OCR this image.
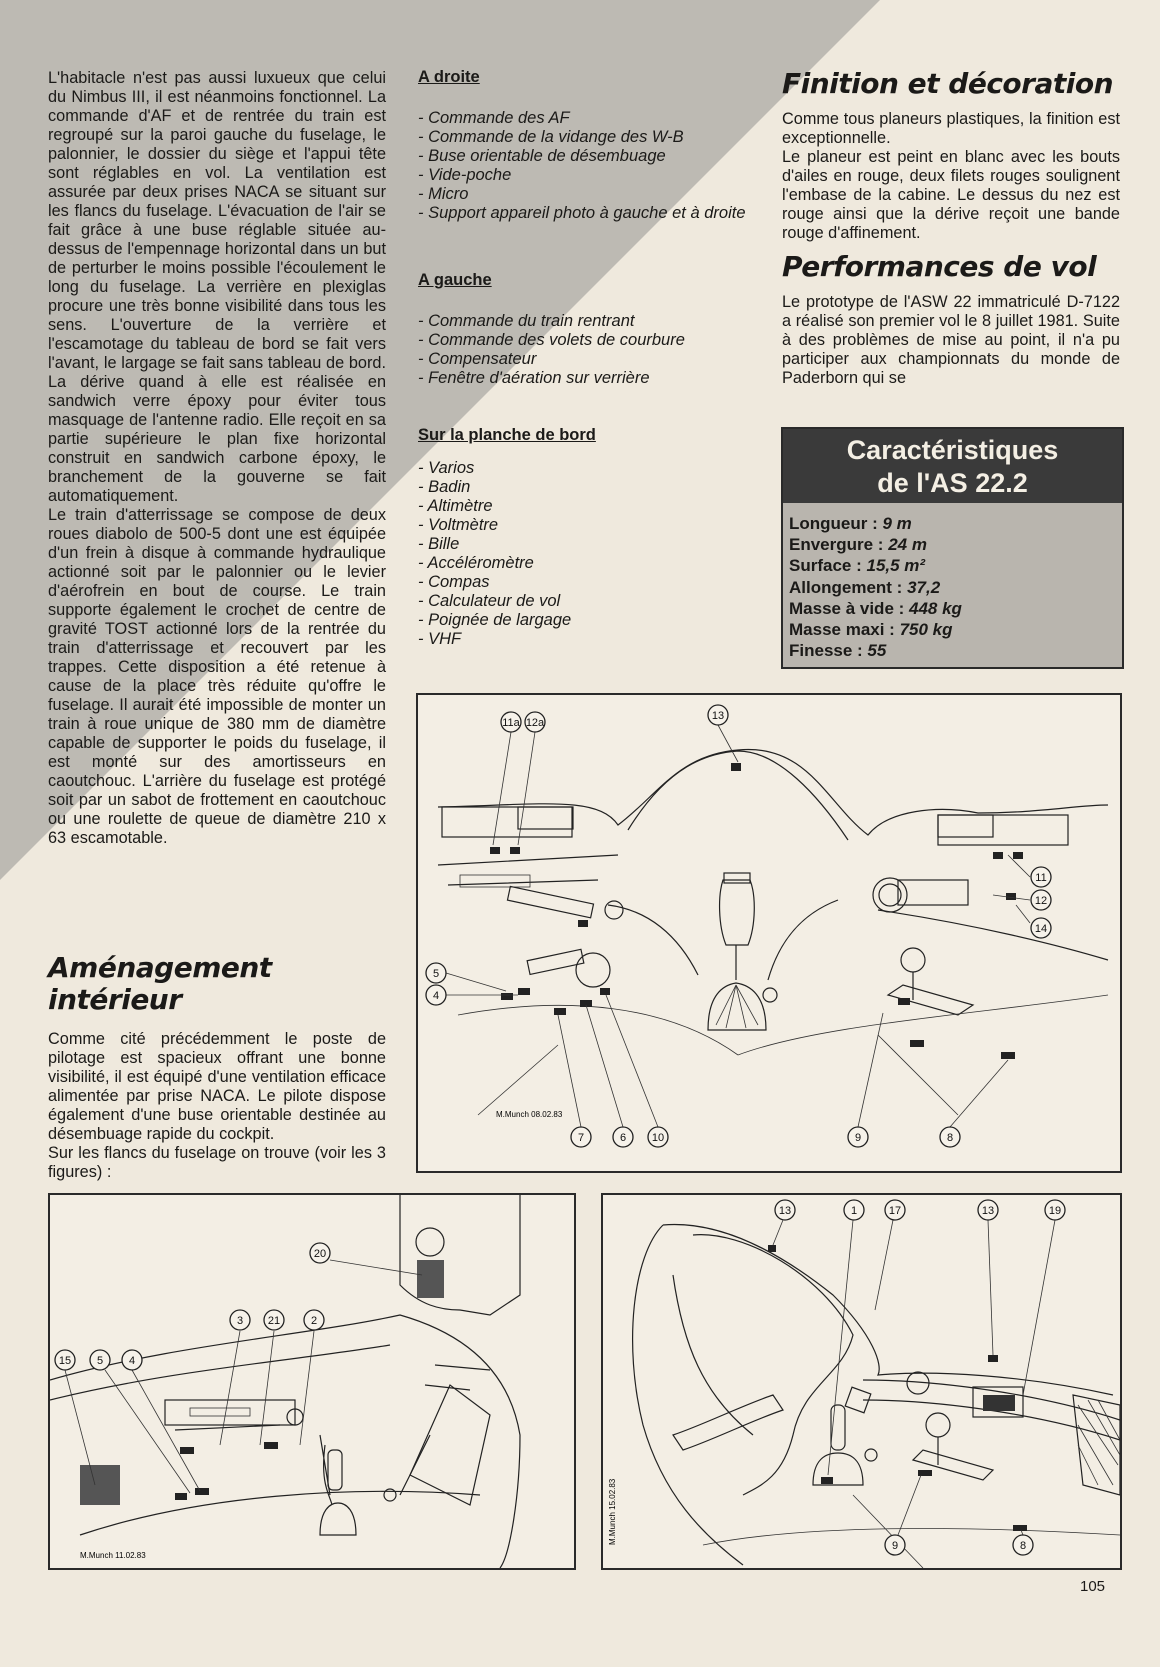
L'habitacle n'est pas aussi luxueux que celui du Nimbus III, il est néanmoins fonctionnel. La commande d'AF et de rentrée du train est regroupé sur la paroi gauche du fuselage, le palonnier, le dossier du siège et l'appui tête sont réglables en vol. La ventilation est assurée par deux prises NACA se situant sur les flancs du fuselage. L'évacuation de l'air se fait grâce à une buse réglable située au-dessus de l'empennage horizontal dans un but de perturber le moins possible l'écoulement le long du fuselage. La verrière en plexiglas procure une très bonne visibilité dans tous les sens. L'ouverture de la verrière et l'escamotage du tableau de bord se fait vers l'avant, le largage se fait sans tableau de bord. La dérive quand à elle est réalisée en sandwich verre époxy pour éviter tous masquage de l'antenne radio. Elle reçoit en sa partie supérieure le plan fixe horizontal construit en sandwich carbone époxy, le branchement de la gouverne se fait automatiquement.

Le train d'atterrissage se compose de deux roues diabolo de 500-5 dont une est équipée d'un frein à disque à commande hydraulique actionné soit par le palonnier ou le levier d'aérofrein en bout de course. Le train supporte également le crochet de centre de gravité TOST actionné lors de la rentrée du train d'atterrissage et recouvert par les trappes. Cette disposition a été retenue à cause de la place très réduite qu'offre le fuselage. Il aurait été impossible de monter un train à roue unique de 380 mm de diamètre capable de supporter le poids du fuselage, il est monté sur des amortisseurs en caoutchouc. L'arrière du fuselage est protégé soit par un sabot de frottement en caoutchouc ou une roulette de queue de diamètre 210 x 63 escamotable.

Aménagement intérieur

Comme cité précédemment le poste de pilotage est spacieux offrant une bonne visibilité, il est équipé d'une ventilation efficace alimentée par prise NACA. Le pilote dispose également d'une buse orientable destinée au désembuage rapide du cockpit.

Sur les flancs du fuselage on trouve (voir les 3 figures) :

A droite
- Commande des AF
- Commande de la vidange des W-B
- Buse orientable de désembuage
- Vide-poche
- Micro
- Support appareil photo à gauche et à droite
A gauche
- Commande du train rentrant
- Commande des volets de courbure
- Compensateur
- Fenêtre d'aération sur verrière
Sur la planche de bord
- Varios
- Badin
- Altimètre
- Voltmètre
- Bille
- Accéléromètre
- Compas
- Calculateur de vol
- Poignée de largage
- VHF
Finition et décoration

Comme tous planeurs plastiques, la finition est exceptionnelle.

Le planeur est peint en blanc avec les bouts d'ailes en rouge, deux filets rouges soulignent l'embase de la cabine. Le dessus du nez est rouge ainsi que la dérive reçoit une bande rouge d'affinement.

Performances de vol

Le prototype de l'ASW 22 immatriculé D-7122 a réalisé son premier vol le 8 juillet 1981. Suite à des problèmes de mise au point, il n'a pu participer aux championnats du monde de Paderborn qui se

Caractéristiques
de l'AS 22.2
Longueur : 9 m
Envergure : 24 m
Surface : 15,5 m²
Allongement : 37,2
Masse à vide : 448 kg
Masse maxi : 750 kg
Finesse : 55
M.Munch 08.02.83
11a 12a
13
11
12
14
5
4
7	6 10	9	8
M.Munch 11.02.83
20
3 21	2
15 5 4
M.Munch 15.02.83
13	1	17	13	19
9	8
105
